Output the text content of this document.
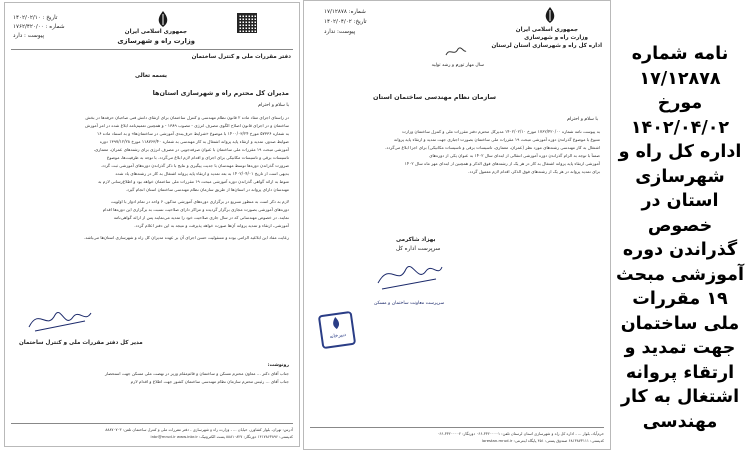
تاریخ : ۱۴۰۲/۰۲/۱۰
شماره : ۱۷۶۲/۴۲۰/۰۰
پیوست : دارد
جمهوری اسلامی ایران
وزارت راه و شهرسازی
دفتر مقررات ملی و کنترل ساختمان
بسمه تعالی
مدیران کل محترم راه و شهرسازی استان‌ها
با سلام و احترام
در راستای اجرای مفاد ماده ۲ قانون نظام مهندسی و کنترل ساختمان برای ارتقای دانش فنی صاحبان حرفه‌ها در بخش
ساختمان و در اجرای قانون اصلاح الگوی مصرف انرژی - مصوب ۱۳۸۹ - و همچنین تعمیم‌نامه ابلاغ شده در امر آموزش
به شماره ۵۷۳۳۶ مورخ ۱۴۰۰/۰۳/۲۴ با موضوع «شرایط حرف‌بندی آموزشی در ساختمان‌ها» و به استناد ماده ۱۶
ضوابط صدور، تمدید و ارتقاء پایه پروانه اشتغال به کار مهندسی به شماره ۱۱۸۷۶۳/۴۰ مورخ ۱۳۹۷/۱۲/۲۸ دوره
آموزشی مبحث ۱۹ مقررات ملی ساختمان با عنوان صرفه‌جویی در مصرف انرژی برای رشته‌های عمران، معماری،
تاسیسات برقی و تاسیسات مکانیکی برای اجرای و اقدام لازم ابلاغ می‌گردد. با توجه به ظرفیت‌ها، موضوع
ضرورت گذراندن دوره‌ها توسط مهندسان با جدیت پیگیری و نتایج با ذکر گذراندن دوره‌های آموزشی ثبت گردد.
بدیهی است از تاریخ ۱۴۰۲/۰۴/۰۱ به بعد تمدید و ارتقاء پایه پروانه اشتغال به کار در رشته‌های یاد شده
منوط به ارائه گواهی گذراندن دوره آموزشی مبحث ۱۹ مقررات ملی ساختمان خواهد بود و اطلاع‌رسانی لازم به
مهندسان دارای پروانه در استان‌ها از طریق سازمان نظام مهندسی ساختمان استان انجام گیرد.
لازم به ذکر است به منظور تسریع در برگزاری دوره‌های آموزشی مذکور، ۶ واحد در تمام ادوار با اولویت
دوره‌های آموزشی بصورت مجازی برگزار گردیده و مراکز دارای صلاحیت نسبت به برگزاری این دوره‌ها اقدام
نمایند. در خصوص مهندسانی که در سال جاری صلاحیت خود را تمدید می‌نمایند پس از ارائه گواهی‌نامه
آموزشی، ارتقاء و تمدید پروانه آن‌ها صورت خواهد پذیرفت و نتیجه به این دفتر اعلام گردد.
رعایت مفاد این ابلاغیه الزامی بوده و مسئولیت حسن اجرای آن بر عهده مدیران کل راه و شهرسازی استان‌ها می‌باشد.
مدیر کل دفتر مقررات ملی و کنترل ساختمان
رونوشت:
جناب آقای دکتر ... معاون محترم مسکن و ساختمان و قائم‌مقام وزیر در نهضت ملی مسکن جهت استحضار
جناب آقای ... رئیس محترم سازمان نظام مهندسی ساختمان کشور جهت اطلاع و اقدام لازم
آدرس: تهران، بلوار کشاورز، خیابان ... ، وزارت راه و شهرسازی - دفتر مقررات ملی و کنترل ساختمان تلفن: ۸۸۸۷۰۷۰۳
کدپستی: ۱۴۱۷۸۶۳۸۹۶ دورنگار: ۸۸۸۱۰۸۲۷ پست الکترونیک: inbr@mrud.ir www.inbr.ir
جمهوری اسلامی ایران
وزارت راه و شهرسازی
اداره کل راه و شهرسازی استان لرستان
شماره: ۱۷/۱۲۸۷۸
تاریخ: ۱۴۰۲/۰۴/۰۲
پیوست: ندارد
سال مهار تورم و رشد تولید
سازمان نظام مهندسی ساختمان استان
با سلام و احترام
به پیوست نامه شماره ۱۷۶۲/۴۲۰/۰۰ مورخ ۱۴۰۲/۰۲/۱۰ مدیرکل محترم دفتر مقررات ملی و کنترل ساختمان وزارت
متبوع با موضوع گذراندن دوره آموزشی مبحث ۱۹ مقررات ملی ساختمان بصورت اجباری جهت تمدید و ارتقاء پایه پروانه
اشتغال به کار مهندسی رشته‌های مورد نظر (عمران، معماری، تاسیسات برقی و تاسیسات مکانیکی) برای اجرا ابلاغ می‌گردد.
ضمناً با توجه به الزام گذراندن دوره آموزشی انتقالی از ابتدای سال ۱۴۰۲ به عنوان یکی از دوره‌های
آموزشی ارتقاء پایه پروانه اشتغال به کار در هر یک از رشته‌های فوق الذکر و همچنین از ابتدای مهر ماه سال ۱۴۰۲
برای تمدید پروانه در هر یک از رشته‌های فوق الذکر، اقدام لازم معمول گردد.
بهزاد شاکرمی
سرپرست اداره کل
سرپرست معاونت ساختمان و مسکن
دبیرخانه
خرم‌آباد، بلوار ... ، اداره کل راه و شهرسازی استان لرستان تلفن: ۳۳۲۰۰۰۰۱-۰۶۶ دورنگار: ۳۳۲۰۰۰۰۲-۰۶۶
کدپستی: ۶۸۱۳۸۷۳۱۱۱ صندوق پستی: ۴۵۱ پایگاه اینترنتی: lorestan.mrud.ir
نامه شماره ۱۷/۱۲۸۷۸ مورخ ۱۴۰۲/۰۴/۰۲ اداره کل راه و شهرسازی استان در خصوص گذراندن دوره آموزشی مبحث ۱۹ مقررات ملی ساختمان جهت تمدید و ارتقاء پروانه اشتغال به کار مهندسی
